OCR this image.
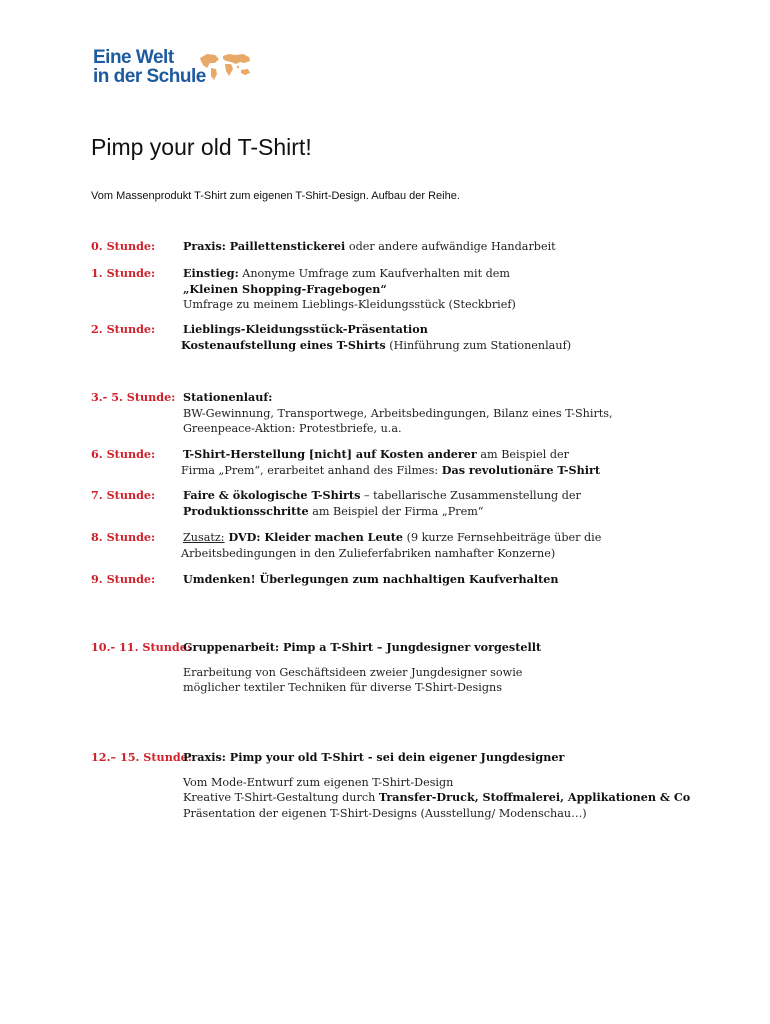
Eine Welt
in der Schule
Pimp your old T-Shirt!
Vom Massenprodukt T-Shirt zum eigenen T-Shirt-Design. Aufbau der Reihe.
0. Stunde: Praxis: Paillettenstickerei oder andere aufwändige Handarbeit
1. Stunde: Einstieg: Anonyme Umfrage zum Kaufverhalten mit dem
„Kleinen Shopping-Fragebogen“
Umfrage zu meinem Lieblings-Kleidungsstück (Steckbrief)
2. Stunde: Lieblings-Kleidungsstück-Präsentation
Kostenaufstellung eines T-Shirts (Hinführung zum Stationenlauf)
3.- 5. Stunde: Stationenlauf:
BW-Gewinnung, Transportwege, Arbeitsbedingungen, Bilanz eines T-Shirts,
Greenpeace-Aktion: Protestbriefe, u.a.
6. Stunde: T-Shirt-Herstellung [nicht] auf Kosten anderer am Beispiel der
Firma „Prem“, erarbeitet anhand des Filmes: Das revolutionäre T-Shirt
7. Stunde: Faire & ökologische T-Shirts – tabellarische Zusammenstellung der
Produktionsschritte am Beispiel der Firma „Prem“
8. Stunde: Zusatz: DVD: Kleider machen Leute (9 kurze Fernsehbeiträge über die
Arbeitsbedingungen in den Zulieferfabriken namhafter Konzerne)
9. Stunde: Umdenken! Überlegungen zum nachhaltigen Kaufverhalten
10.- 11. Stunde:
Gruppenarbeit: Pimp a T-Shirt – Jungdesigner vorgestellt
Erarbeitung von Geschäftsideen zweier Jungdesigner sowie
möglicher textiler Techniken für diverse T-Shirt-Designs
12.– 15. Stunde:
Praxis: Pimp your old T-Shirt - sei dein eigener Jungdesigner
Vom Mode-Entwurf zum eigenen T-Shirt-Design
Kreative T-Shirt-Gestaltung durch Transfer-Druck, Stoffmalerei, Applikationen & Co
Präsentation der eigenen T-Shirt-Designs (Ausstellung/ Modenschau…)
